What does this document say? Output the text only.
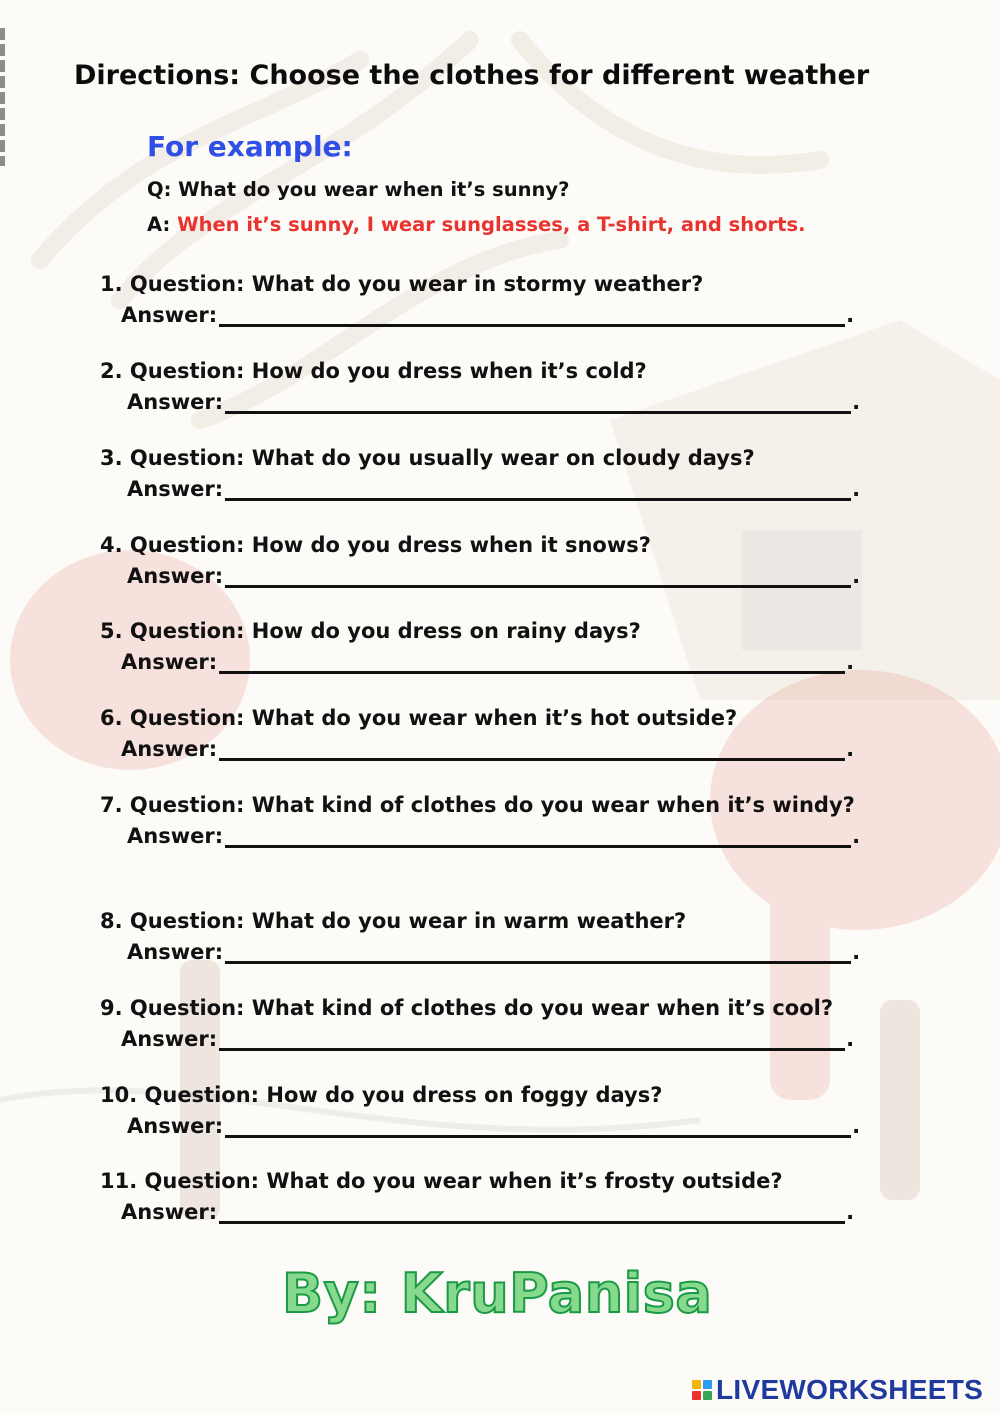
Directions: Choose the clothes for different weather
For example:
Q: What do you wear when it’s sunny?
A: When it’s sunny, I wear sunglasses, a T-shirt, and shorts.
1. Question: What do you wear in stormy weather?
Answer:	.
2. Question: How do you dress when it’s cold?
Answer:	.
3. Question: What do you usually wear on cloudy days?
Answer:	.
4. Question: How do you dress when it snows?
Answer:	.
5. Question: How do you dress on rainy days?
Answer:	.
6. Question: What do you wear when it’s hot outside?
Answer:	.
7. Question: What kind of clothes do you wear when it’s windy?
Answer:	.
8. Question: What do you wear in warm weather?
Answer:	.
9. Question: What kind of clothes do you wear when it’s cool?
Answer:	.
10. Question: How do you dress on foggy days?
Answer:	.
11. Question: What do you wear when it’s frosty outside?
Answer:	.
By: KruPanisa
LIVEWORKSHEETS
